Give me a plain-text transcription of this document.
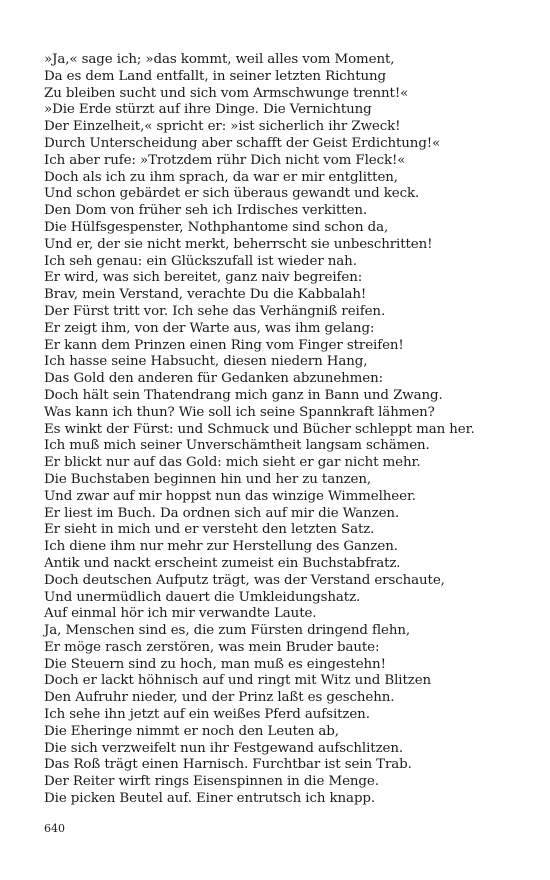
»Ja,« sage ich; »das kommt, weil alles vom Moment,
Da es dem Land entfallt, in seiner letzten Richtung
Zu bleiben sucht und sich vom Armschwunge trennt!«
»Die Erde stürzt auf ihre Dinge. Die Vernichtung
Der Einzelheit,« spricht er: »ist sicherlich ihr Zweck!
Durch Unterscheidung aber schafft der Geist Erdichtung!«
Ich aber rufe: »Trotzdem rühr Dich nicht vom Fleck!«
Doch als ich zu ihm sprach, da war er mir entglitten,
Und schon gebärdet er sich überaus gewandt und keck.
Den Dom von früher seh ich Irdisches verkitten.
Die Hülfsgespenster, Nothphantome sind schon da,
Und er, der sie nicht merkt, beherrscht sie unbeschritten!
Ich seh genau: ein Glückszufall ist wieder nah.
Er wird, was sich bereitet, ganz naiv begreifen:
Brav, mein Verstand, verachte Du die Kabbalah!
Der Fürst tritt vor. Ich sehe das Verhängniß reifen.
Er zeigt ihm, von der Warte aus, was ihm gelang:
Er kann dem Prinzen einen Ring vom Finger streifen!
Ich hasse seine Habsucht, diesen niedern Hang,
Das Gold den anderen für Gedanken abzunehmen:
Doch hält sein Thatendrang mich ganz in Bann und Zwang.
Was kann ich thun? Wie soll ich seine Spannkraft lähmen?
Es winkt der Fürst: und Schmuck und Bücher schleppt man her.
Ich muß mich seiner Unverschämtheit langsam schämen.
Er blickt nur auf das Gold: mich sieht er gar nicht mehr.
Die Buchstaben beginnen hin und her zu tanzen,
Und zwar auf mir hoppst nun das winzige Wimmelheer.
Er liest im Buch. Da ordnen sich auf mir die Wanzen.
Er sieht in mich und er versteht den letzten Satz.
Ich diene ihm nur mehr zur Herstellung des Ganzen.
Antik und nackt erscheint zumeist ein Buchstabfratz.
Doch deutschen Aufputz trägt, was der Verstand erschaute,
Und unermüdlich dauert die Umkleidungshatz.
Auf einmal hör ich mir verwandte Laute.
Ja, Menschen sind es, die zum Fürsten dringend flehn,
Er möge rasch zerstören, was mein Bruder baute:
Die Steuern sind zu hoch, man muß es eingestehn!
Doch er lackt höhnisch auf und ringt mit Witz und Blitzen
Den Aufruhr nieder, und der Prinz laßt es geschehn.
Ich sehe ihn jetzt auf ein weißes Pferd aufsitzen.
Die Eheringe nimmt er noch den Leuten ab,
Die sich verzweifelt nun ihr Festgewand aufschlitzen.
Das Roß trägt einen Harnisch. Furchtbar ist sein Trab.
Der Reiter wirft rings Eisenspinnen in die Menge.
Die picken Beutel auf. Einer entrutsch ich knapp.
640
